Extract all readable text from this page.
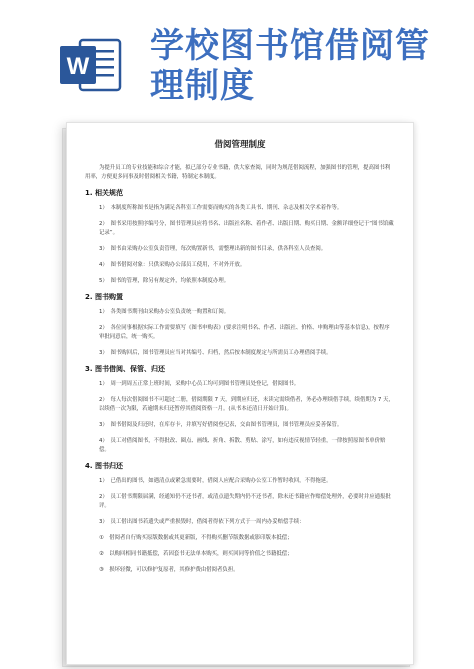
W
学校图书馆借阅管理制度
借阅管理制度
为提升员工的专业技能和综合才能，拟已部分专业书籍，供大家查阅，同时为规范借阅流程，加强图书的管理，提高图书利用率，方便更多同事及时借阅相关书籍，特制定本制度。
1. 相关规范
1）　本制度所称图书是指为满足各科室工作需要而购买的各类工具书、期刊、杂志及相关学术着作等。
2）　图书采用按照序编号分，图书管理员应将书名、出版社名称、着作者、出版日期、购买日期、金额详细登记于“图书馆藏记录”。
3）　图书由采购办公室负责管理，每次购置新书，需整理出新的图书目录，供各科室人员查阅。
4）　图书借阅对象：只供采购办公部员工使用，不对外开放。
5）　图书的管理，除另有规定外，均依照本制度办理。
2. 图书购置
1）　各类图书期刊由采购办公室负责统一购置和订阅。
2）　各位同事根据实际工作需要填写《图书申购表》(要求注明书名、作者、出版社、价格、申购理由等基本信息)，按程序审批同意后，统一购买。
3）　图书购回后，图书管理员应当对其编号、归档，然后按本制度规定与所需员工办理借阅手续。
3. 图书借阅、保管、归还
1）　周一到周五正常上班时间，采购中心员工均可到图书管理员处登记，借阅图书。
2）　每人每次借阅图书不可超过二册，借阅期限 7 天，到期应归还，未读完需续借者，务必办理续借手续，续借期为 7 天，以续借一次为限，若逾期未归还暂停其借阅资格一月。(从书本还清日开始计算)。
3）　图书借阅及归还时，在库存卡，并填写好借阅登记表，交由图书管理员，图书管理员应妥善保管。
4）　员工对借阅图书，不得批改、圈点、画线、折角、拆散、剪贴、涂写，如有违反视情节轻重，一律按照原图书单价赔偿。
4. 图书归还
1）　已借出的图书，如遇清点或紧急需要时，借阅人应配合采购办公室工作暂时收回，不得拖延。
2）　员工借书期限届满，经通知仍不还书者，或清点遗失期内仍不还书者，除未还书籍应作赔偿处理外，必要时并应通报批评。
3）　员工借出图书若遗失或严重损毁时，借阅者得依下列方式于一周内办妥赔偿手续：
①　借阅者自行购买原版数据或其更新版，不得购买删节版数据或影印版本抵偿；
②　以购回相同书籍抵偿，若因套书无法单本购买，则买回同等价值之书籍抵偿；
③　损坏轻微，可以修护复原者，其修护费由借阅者负担。
